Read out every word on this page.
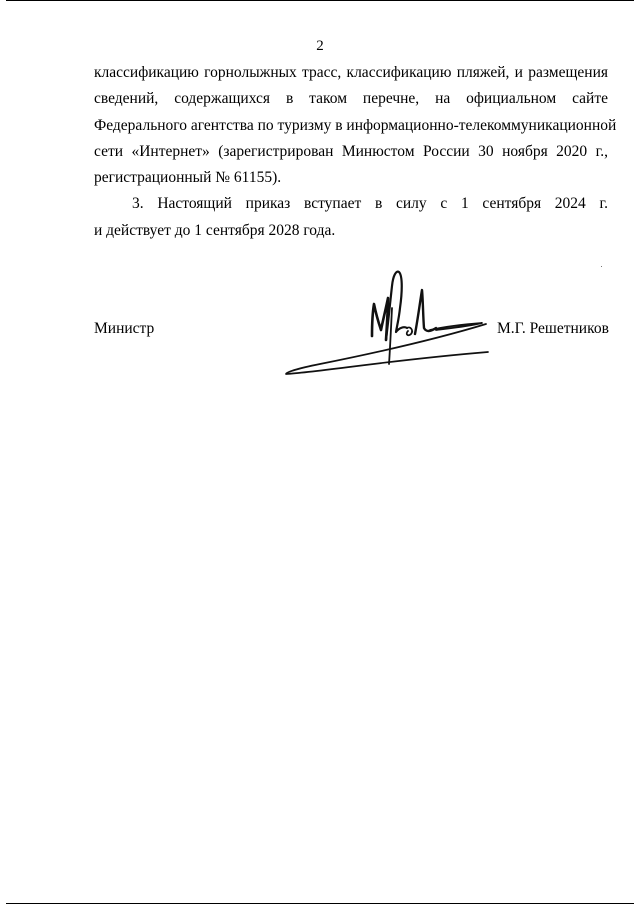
2
классификацию горнолыжных трасс, классификацию пляжей, и размещения
сведений, содержащихся в таком перечне, на официальном сайте
Федерального агентства по туризму в информационно-телекоммуникационной
сети «Интернет» (зарегистрирован Минюстом России 30 ноября 2020 г.,
регистрационный № 61155).
3. Настоящий приказ вступает в силу с 1 сентября 2024 г.
и действует до 1 сентября 2028 года.
Министр	М.Г. Решетников
